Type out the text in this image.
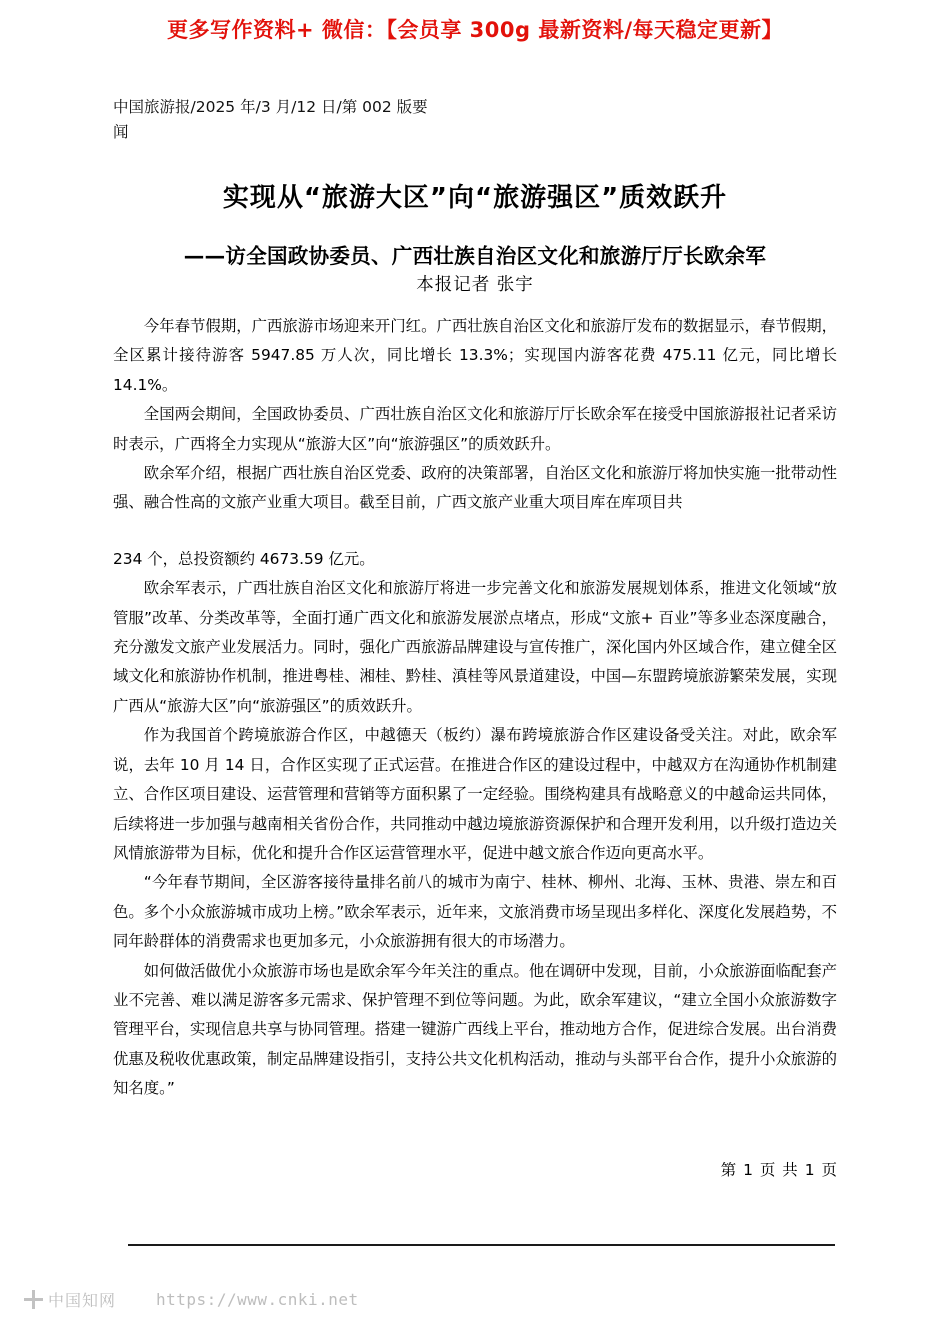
更多写作资料+ 微信：【会员享 300g 最新资料/每天稳定更新】
中国旅游报/2025 年/3 月/12 日/第 002 版要闻
实现从“旅游大区”向“旅游强区”质效跃升
——访全国政协委员、广西壮族自治区文化和旅游厅厅长欧余军
本报记者 张宇

今年春节假期，广西旅游市场迎来开门红。广西壮族自治区文化和旅游厅发布的数据显示，春节假期，全区累计接待游客 5947.85 万人次，同比增长 13.3%；实现国内游客花费 475.11 亿元，同比增长 14.1%。

全国两会期间，全国政协委员、广西壮族自治区文化和旅游厅厅长欧余军在接受中国旅游报社记者采访时表示，广西将全力实现从“旅游大区”向“旅游强区”的质效跃升。

欧余军介绍，根据广西壮族自治区党委、政府的决策部署，自治区文化和旅游厅将加快实施一批带动性强、融合性高的文旅产业重大项目。截至目前，广西文旅产业重大项目库在库项目共

234 个，总投资额约 4673.59 亿元。

欧余军表示，广西壮族自治区文化和旅游厅将进一步完善文化和旅游发展规划体系，推进文化领域“放管服”改革、分类改革等，全面打通广西文化和旅游发展淤点堵点，形成“文旅+ 百业”等多业态深度融合，充分激发文旅产业发展活力。同时，强化广西旅游品牌建设与宣传推广，深化国内外区域合作，建立健全区域文化和旅游协作机制，推进粤桂、湘桂、黔桂、滇桂等风景道建设，中国—东盟跨境旅游繁荣发展，实现广西从“旅游大区”向“旅游强区”的质效跃升。

作为我国首个跨境旅游合作区，中越德天（板约）瀑布跨境旅游合作区建设备受关注。对此，欧余军说，去年 10 月 14 日，合作区实现了正式运营。在推进合作区的建设过程中，中越双方在沟通协作机制建立、合作区项目建设、运营管理和营销等方面积累了一定经验。围绕构建具有战略意义的中越命运共同体，后续将进一步加强与越南相关省份合作，共同推动中越边境旅游资源保护和合理开发利用，以升级打造边关风情旅游带为目标，优化和提升合作区运营管理水平，促进中越文旅合作迈向更高水平。

“今年春节期间，全区游客接待量排名前八的城市为南宁、桂林、柳州、北海、玉林、贵港、崇左和百色。多个小众旅游城市成功上榜。”欧余军表示，近年来，文旅消费市场呈现出多样化、深度化发展趋势，不同年龄群体的消费需求也更加多元，小众旅游拥有很大的市场潜力。

如何做活做优小众旅游市场也是欧余军今年关注的重点。他在调研中发现，目前，小众旅游面临配套产业不完善、难以满足游客多元需求、保护管理不到位等问题。为此，欧余军建议，“建立全国小众旅游数字管理平台，实现信息共享与协同管理。搭建一键游广西线上平台，推动地方合作，促进综合发展。出台消费优惠及税收优惠政策，制定品牌建设指引，支持公共文化机构活动，推动与头部平台合作，提升小众旅游的知名度。”

第 1 页 共 1 页
中国知网	https://www.cnki.net
